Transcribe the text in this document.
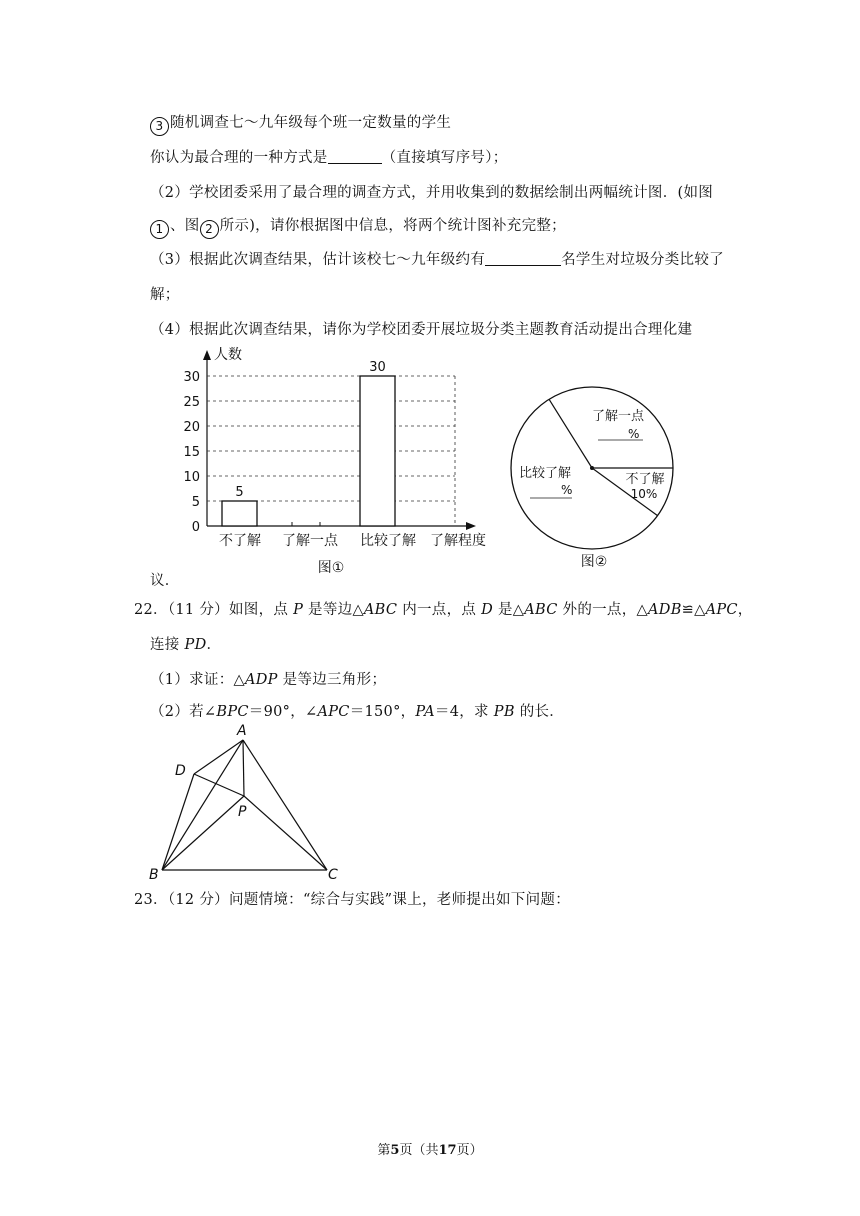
3 随机调查七～九年级每个班一定数量的学生
你认为最合理的一种方式是	（直接填写序号）；
（2）学校团委采用了最合理的调查方式，并用收集到的数据绘制出两幅统计图．(如图
1 、图 2 所示)，请你根据图中信息，将两个统计图补充完整；
（3）根据此次调查结果，估计该校七～九年级约有	名学生对垃圾分类比较了
解；
（4）根据此次调查结果，请你为学校团委开展垃圾分类主题教育活动提出合理化建
人数
了解程度
0
5
10
15
20
25
30
5
不了解 了解一点
30
比较了解
图①
了解一点
%
比较了解
%
不了解
10%
图②
议．
22．（11 分）如图，点 P 是等边△ABC 内一点，点 D 是△ABC 外的一点，△ADB≌△APC，
连接 PD．
（1）求证：△ADP 是等边三角形；
（2）若∠BPC＝90°，∠APC＝150°，PA＝4，求 PB 的长．
A
D
P
B	C
23．（12 分）问题情境：“综合与实践”课上，老师提出如下问题：
第5页（共17页）
